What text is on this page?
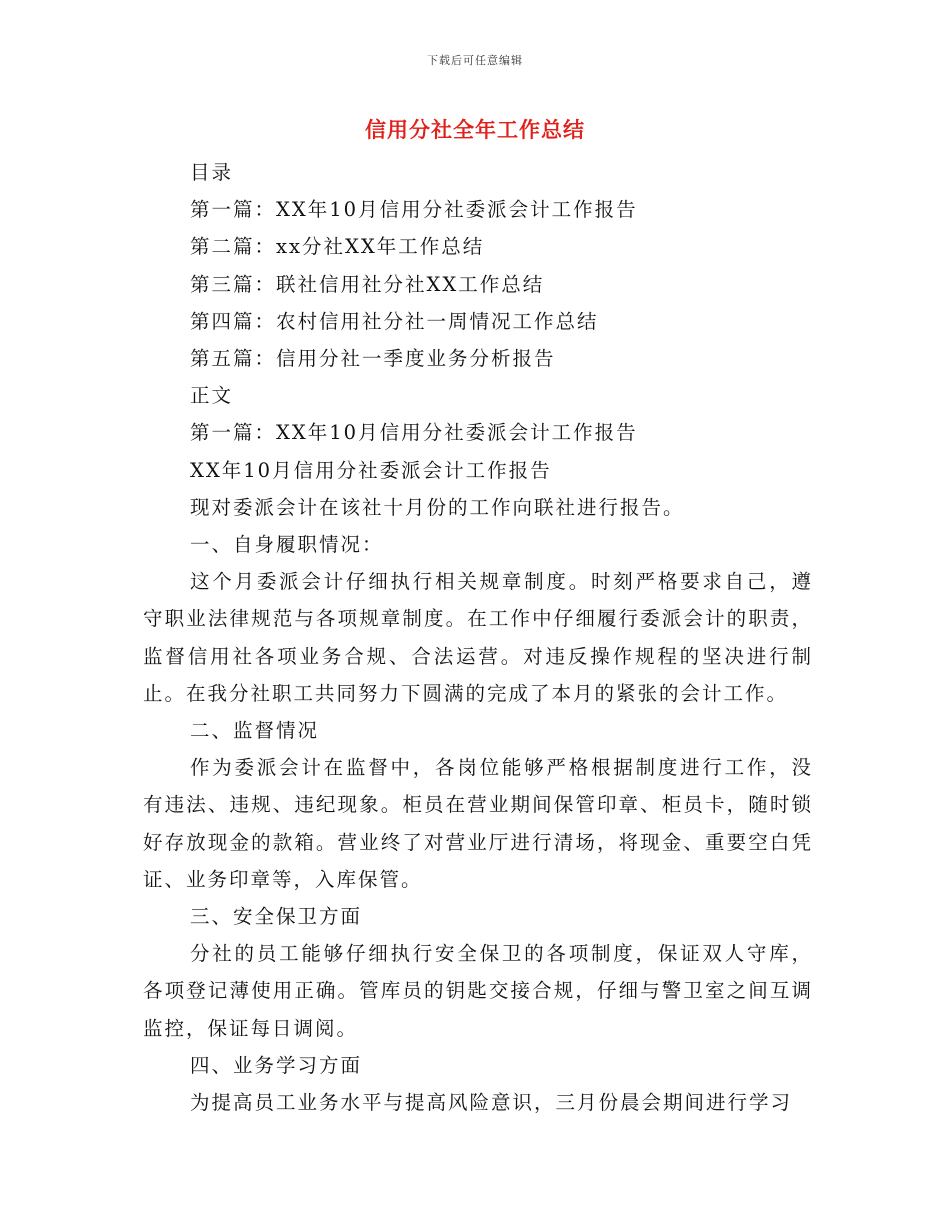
下载后可任意编辑
信用分社全年工作总结

目录

第一篇：XX年10月信用分社委派会计工作报告

第二篇：xx分社XX年工作总结

第三篇：联社信用社分社XX工作总结

第四篇：农村信用社分社一周情况工作总结

第五篇：信用分社一季度业务分析报告

正文

第一篇：XX年10月信用分社委派会计工作报告

XX年10月信用分社委派会计工作报告

现对委派会计在该社十月份的工作向联社进行报告。

一、自身履职情况：

这个月委派会计仔细执行相关规章制度。时刻严格要求自己，遵守职业法律规范与各项规章制度。在工作中仔细履行委派会计的职责，监督信用社各项业务合规、合法运营。对违反操作规程的坚决进行制止。在我分社职工共同努力下圆满的完成了本月的紧张的会计工作。

二、监督情况

作为委派会计在监督中，各岗位能够严格根据制度进行工作，没有违法、违规、违纪现象。柜员在营业期间保管印章、柜员卡，随时锁好存放现金的款箱。营业终了对营业厅进行清场，将现金、重要空白凭证、业务印章等，入库保管。

三、安全保卫方面

分社的员工能够仔细执行安全保卫的各项制度，保证双人守库，各项登记薄使用正确。管库员的钥匙交接合规，仔细与警卫室之间互调监控，保证每日调阅。

四、业务学习方面

为提高员工业务水平与提高风险意识，三月份晨会期间进行学习
